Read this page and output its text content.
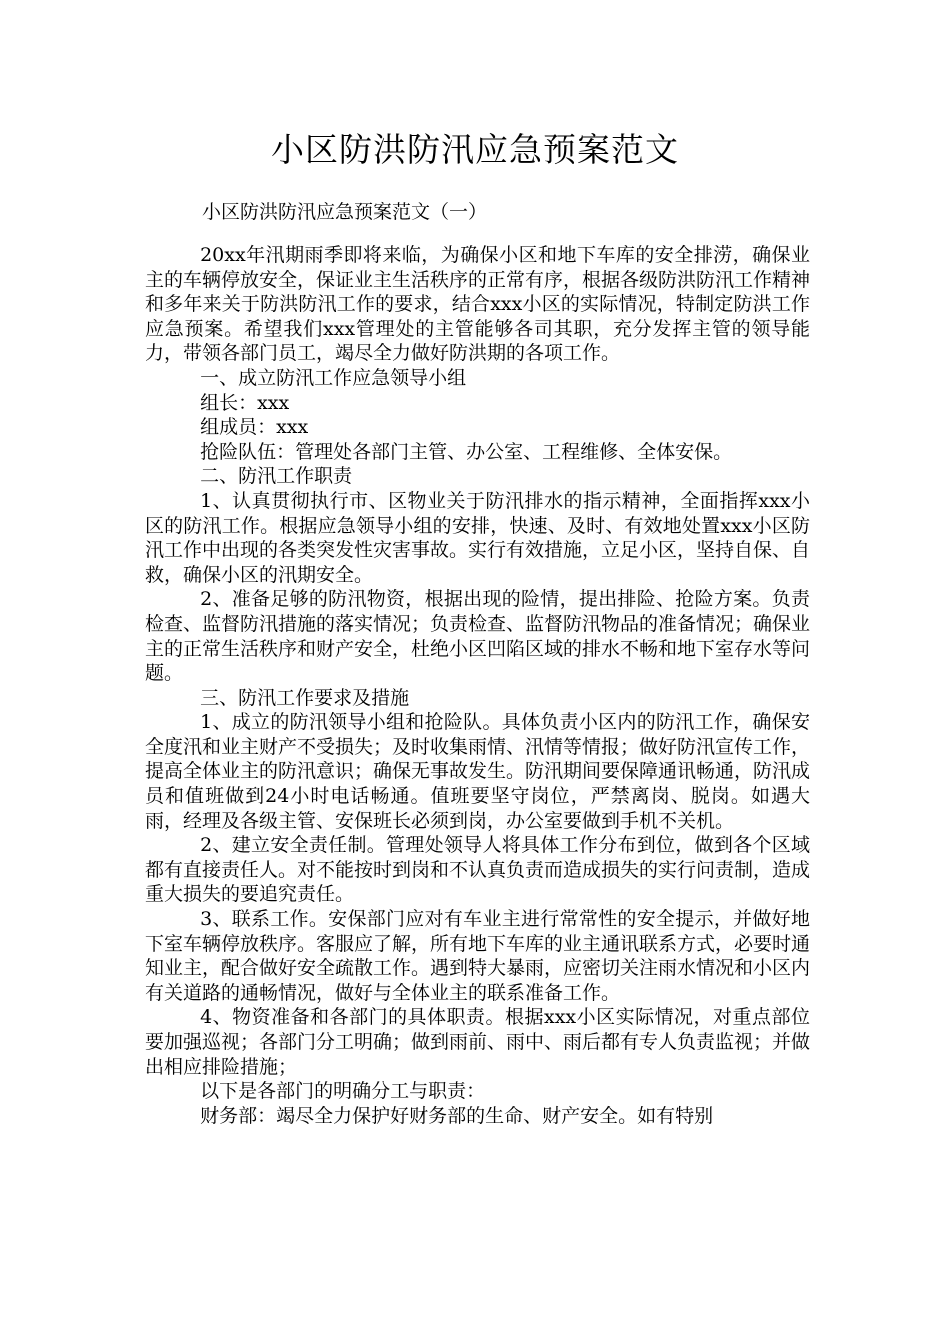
小区防洪防汛应急预案范文

小区防洪防汛应急预案范文（一）

20xx年汛期雨季即将来临，为确保小区和地下车库的安全排涝，确保业主的车辆停放安全，保证业主生活秩序的正常有序，根据各级防洪防汛工作精神和多年来关于防洪防汛工作的要求，结合xxx小区的实际情况，特制定防洪工作应急预案。希望我们xxx管理处的主管能够各司其职，充分发挥主管的领导能力，带领各部门员工，竭尽全力做好防洪期的各项工作。

一、成立防汛工作应急领导小组

组长：xxx

组成员：xxx

抢险队伍：管理处各部门主管、办公室、工程维修、全体安保。

二、防汛工作职责

1、认真贯彻执行市、区物业关于防汛排水的指示精神，全面指挥xxx小区的防汛工作。根据应急领导小组的安排，快速、及时、有效地处置xxx小区防汛工作中出现的各类突发性灾害事故。实行有效措施，立足小区，坚持自保、自救，确保小区的汛期安全。

2、准备足够的防汛物资，根据出现的险情，提出排险、抢险方案。负责检查、监督防汛措施的落实情况；负责检查、监督防汛物品的准备情况；确保业主的正常生活秩序和财产安全，杜绝小区凹陷区域的排水不畅和地下室存水等问题。

三、防汛工作要求及措施

1、成立的防汛领导小组和抢险队。具体负责小区内的防汛工作，确保安全度汛和业主财产不受损失；及时收集雨情、汛情等情报；做好防汛宣传工作，提高全体业主的防汛意识；确保无事故发生。防汛期间要保障通讯畅通，防汛成员和值班做到24小时电话畅通。值班要坚守岗位，严禁离岗、脱岗。如遇大雨，经理及各级主管、安保班长必须到岗，办公室要做到手机不关机。

2、建立安全责任制。管理处领导人将具体工作分布到位，做到各个区域都有直接责任人。对不能按时到岗和不认真负责而造成损失的实行问责制，造成重大损失的要追究责任。

3、联系工作。安保部门应对有车业主进行常常性的安全提示，并做好地下室车辆停放秩序。客服应了解，所有地下车库的业主通讯联系方式，必要时通知业主，配合做好安全疏散工作。遇到特大暴雨，应密切关注雨水情况和小区内有关道路的通畅情况，做好与全体业主的联系准备工作。

4、物资准备和各部门的具体职责。根据xxx小区实际情况，对重点部位要加强巡视；各部门分工明确；做到雨前、雨中、雨后都有专人负责监视；并做出相应排险措施；

以下是各部门的明确分工与职责：

财务部：竭尽全力保护好财务部的生命、财产安全。如有特别
